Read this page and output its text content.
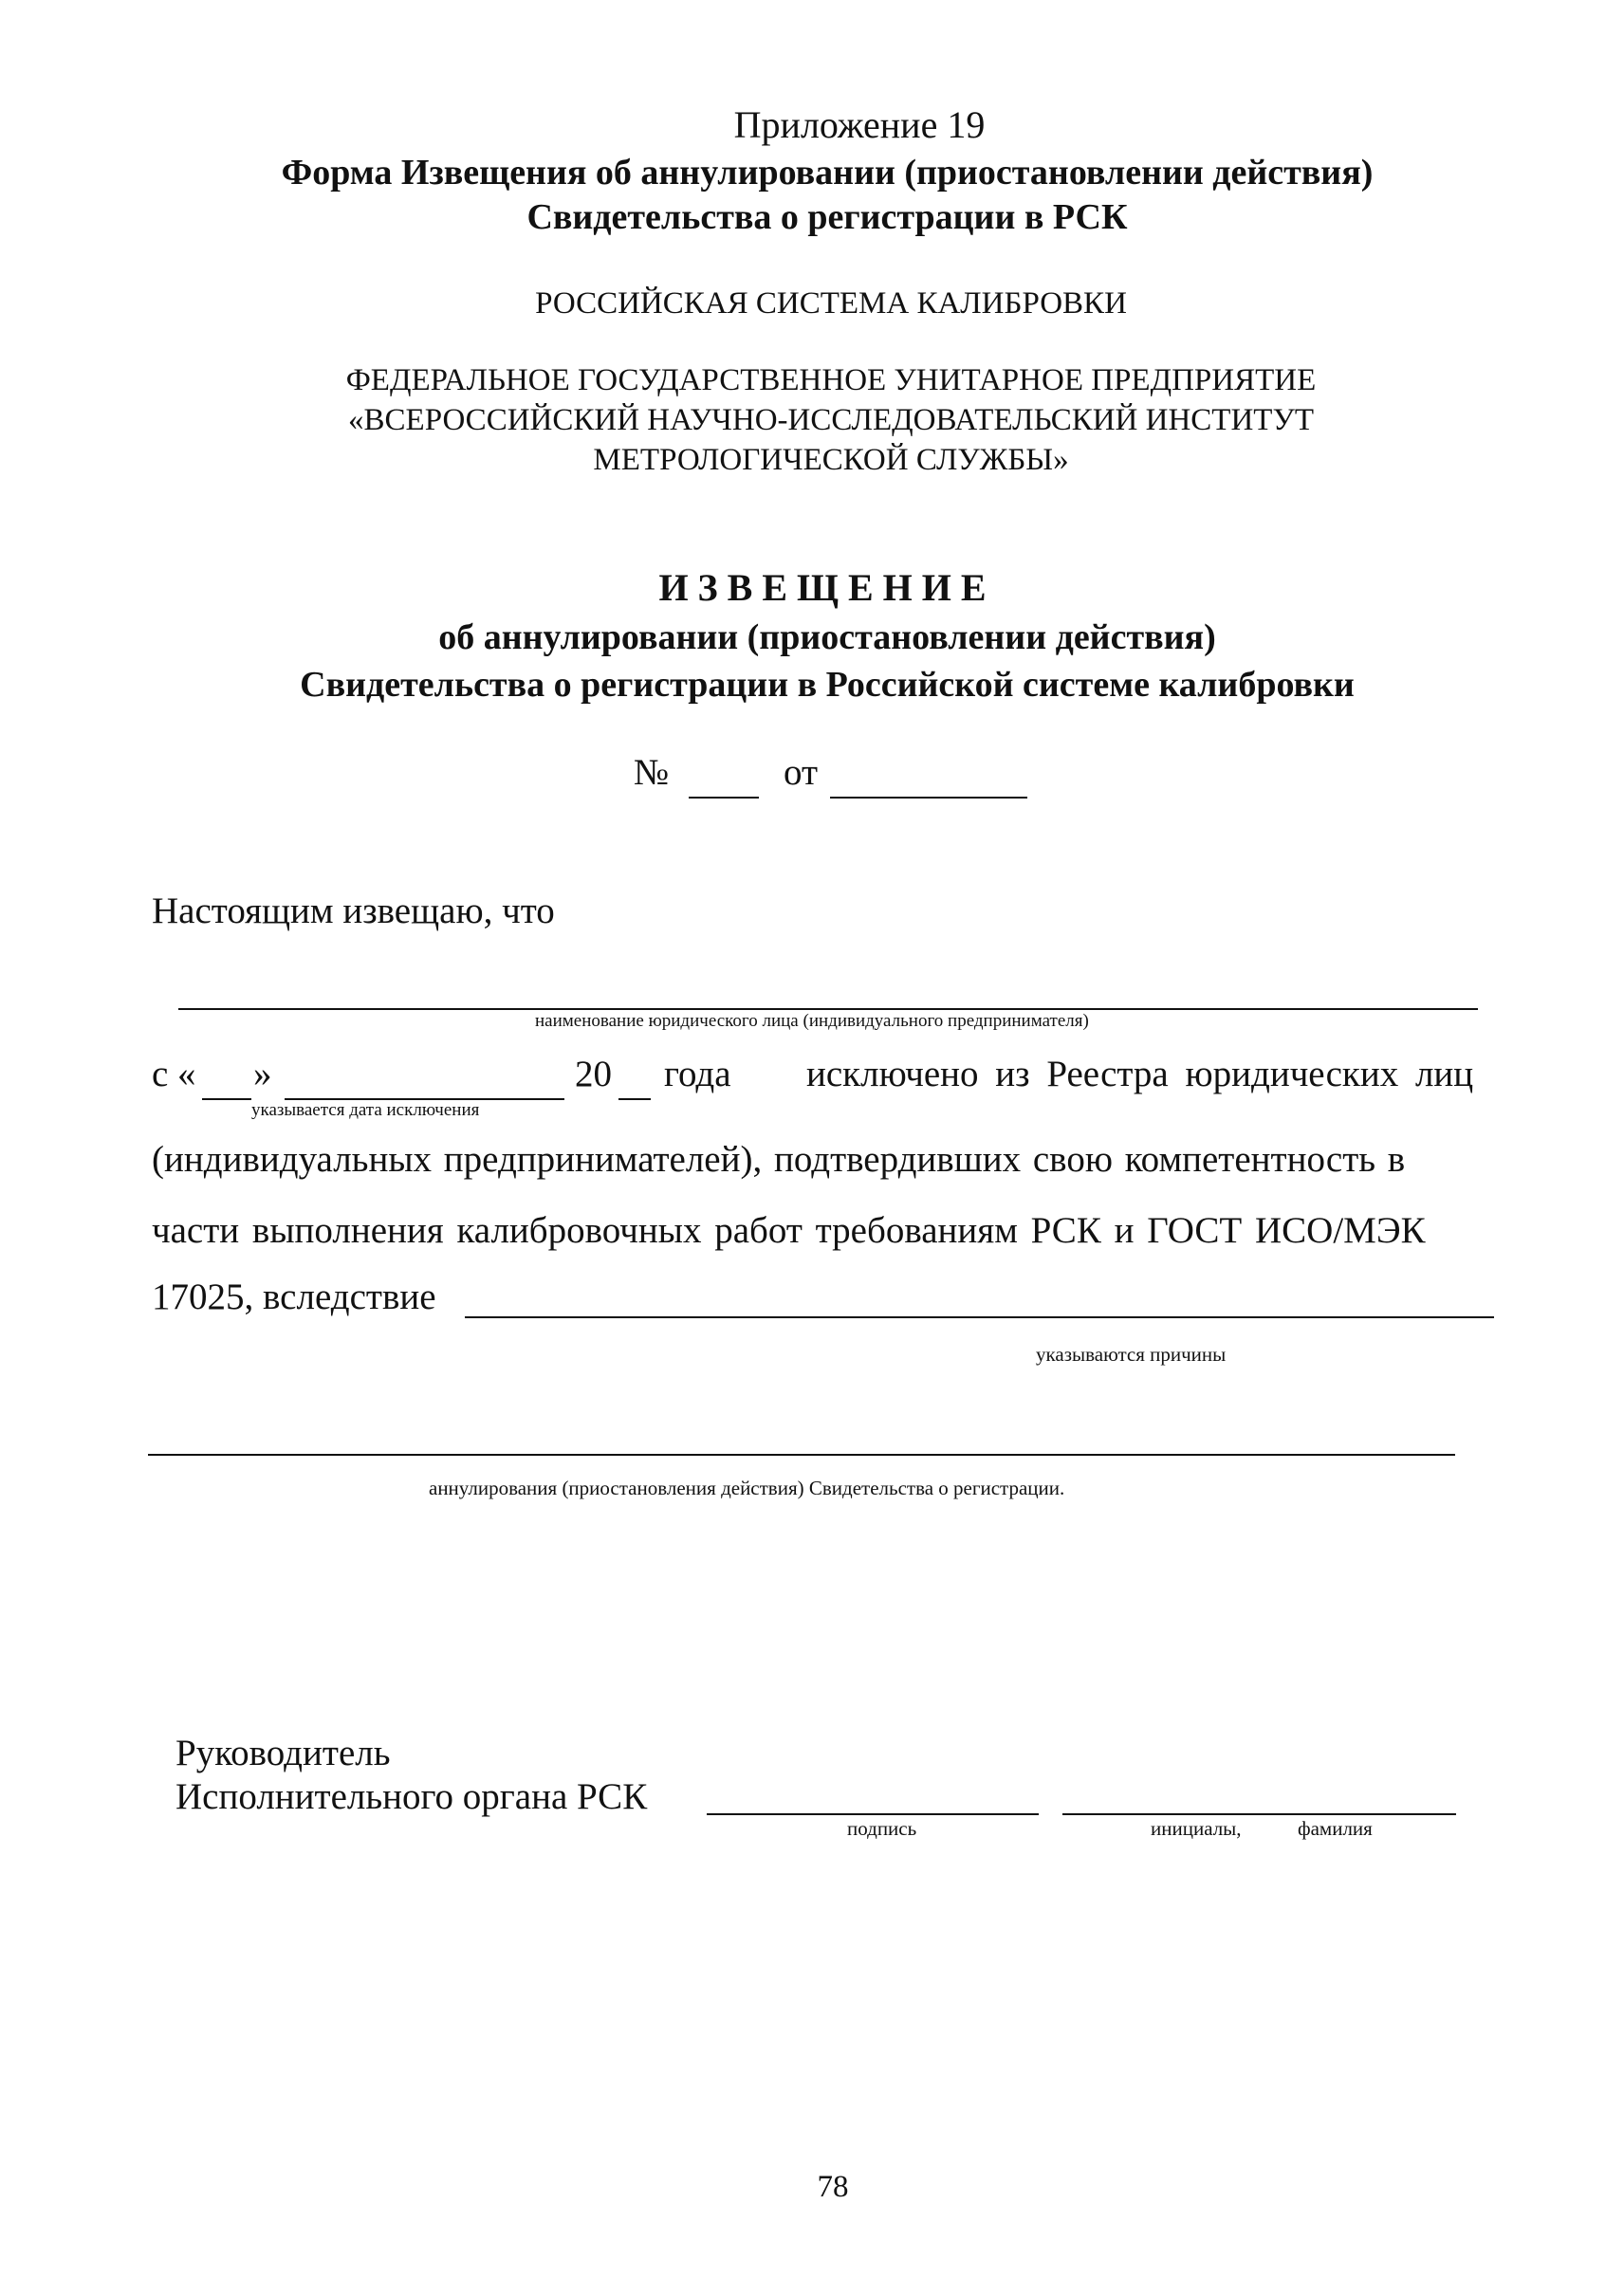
Приложение 19
Форма Извещения об аннулировании (приостановлении действия)
Свидетельства о регистрации в РСК
РОССИЙСКАЯ СИСТЕМА КАЛИБРОВКИ
ФЕДЕРАЛЬНОЕ ГОСУДАРСТВЕННОЕ УНИТАРНОЕ ПРЕДПРИЯТИЕ
«ВСЕРОССИЙСКИЙ НАУЧНО-ИССЛЕДОВАТЕЛЬСКИЙ ИНСТИТУТ
МЕТРОЛОГИЧЕСКОЙ СЛУЖБЫ»
ИЗВЕЩЕНИЕ
об аннулировании (приостановлении действия)
Свидетельства о регистрации в Российской системе калибровки
№	от
Настоящим извещаю, что
наименование юридического лица (индивидуального предпринимателя)
с « »
указывается дата исключения
20 года исключено из Реестра юридических лиц
(индивидуальных предпринимателей), подтвердивших свою компетентность в
части выполнения калибровочных работ требованиям РСК и ГОСТ ИСО/МЭК
17025, вследствие
указываются причины
аннулирования (приостановления действия) Свидетельства о регистрации.
Руководитель
Исполнительного органа РСК
подпись	инициалы,	фамилия
78
